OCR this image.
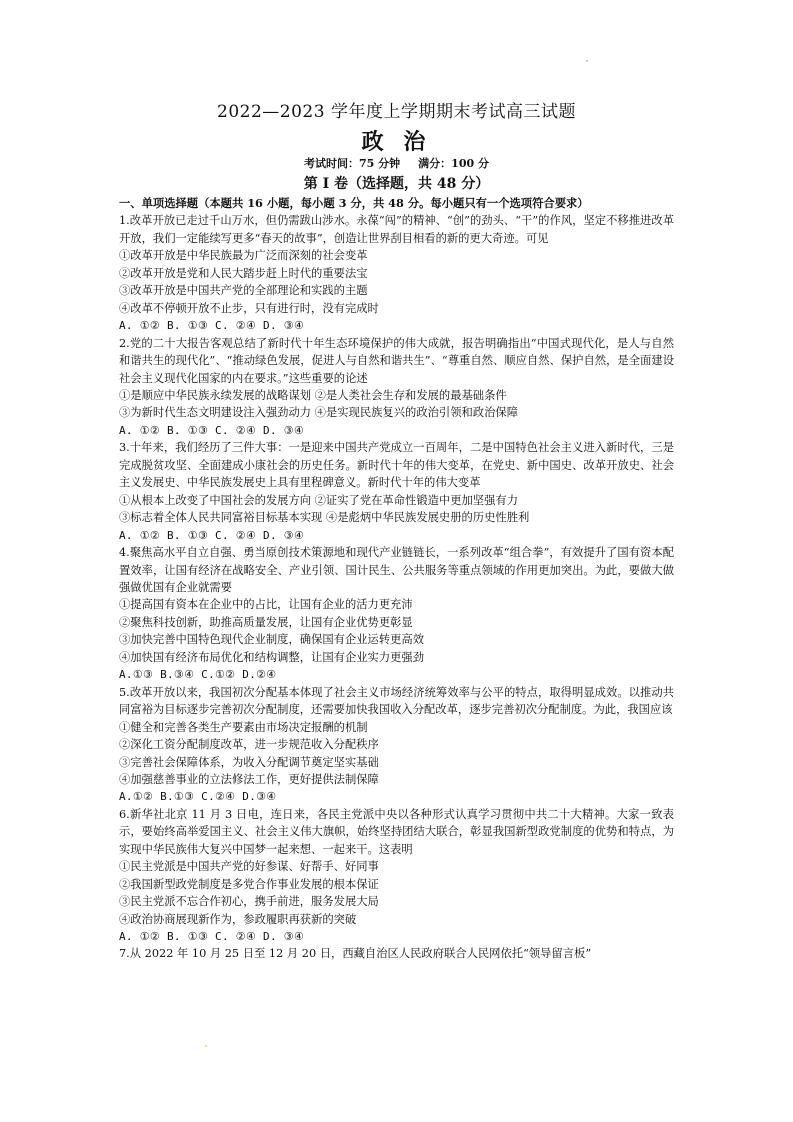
2022—2023 学年度上学期期末考试高三试题
政 治
考试时间：75 分钟 满分：100 分
第 Ⅰ 卷（选择题，共 48 分）
一、单项选择题（本题共 16 小题，每小题 3 分，共 48 分。每小题只有一个选项符合要求）
1.改革开放已走过千山万水，但仍需跋山涉水。永葆“闯”的精神、“创”的劲头、“干”的作风，坚定不移推进改革开放，我们一定能续写更多“春天的故事”，创造让世界刮目相看的新的更大奇迹。可见
①改革开放是中华民族最为广泛而深刻的社会变革
②改革开放是党和人民大踏步赶上时代的重要法宝
③改革开放是中国共产党的全部理论和实践的主题
④改革不停顿开放不止步，只有进行时，没有完成时
A. ①② B. ①③ C. ②④ D. ③④
2.党的二十大报告客观总结了新时代十年生态环境保护的伟大成就，报告明确指出“中国式现代化，是人与自然和谐共生的现代化”、“推动绿色发展，促进人与自然和谐共生”、“尊重自然、顺应自然、保护自然，是全面建设社会主义现代化国家的内在要求。”这些重要的论述
①是顺应中华民族永续发展的战略谋划 ②是人类社会生存和发展的最基础条件
③为新时代生态文明建设注入强劲动力 ④是实现民族复兴的政治引领和政治保障
A. ①② B. ①③ C. ②④ D. ③④
3.十年来，我们经历了三件大事：一是迎来中国共产党成立一百周年，二是中国特色社会主义进入新时代，三是完成脱贫攻坚、全面建成小康社会的历史任务。新时代十年的伟大变革，在党史、新中国史、改革开放史、社会主义发展史、中华民族发展史上具有里程碑意义。新时代十年的伟大变革
①从根本上改变了中国社会的发展方向 ②证实了党在革命性锻造中更加坚强有力
③标志着全体人民共同富裕目标基本实现 ④是彪炳中华民族发展史册的历史性胜利
A. ①② B. ①③ C. ②④ D. ③④
4.聚焦高水平自立自强、勇当原创技术策源地和现代产业链链长，一系列改革“组合拳”，有效提升了国有资本配置效率，让国有经济在战略安全、产业引领、国计民生、公共服务等重点领域的作用更加突出。为此，要做大做强做优国有企业就需要
①提高国有资本在企业中的占比，让国有企业的活力更充沛
②聚焦科技创新，助推高质量发展，让国有企业优势更彰显
③加快完善中国特色现代企业制度，确保国有企业运转更高效
④加快国有经济布局优化和结构调整，让国有企业实力更强劲
A.①③ B.③④ C.①② D.②④
5.改革开放以来，我国初次分配基本体现了社会主义市场经济统筹效率与公平的特点，取得明显成效。以推动共同富裕为目标逐步完善初次分配制度，还需要加快我国收入分配改革，逐步完善初次分配制度。为此，我国应该
①健全和完善各类生产要素由市场决定报酬的机制
②深化工资分配制度改革，进一步规范收入分配秩序
③完善社会保障体系，为收入分配调节奠定坚实基础
④加强慈善事业的立法修法工作，更好提供法制保障
A.①② B.①③ C.②④ D.③④
6.新华社北京 11 月 3 日电，连日来，各民主党派中央以各种形式认真学习贯彻中共二十大精神。大家一致表示，要始终高举爱国主义、社会主义伟大旗帜，始终坚持团结大联合，彰显我国新型政党制度的优势和特点，为实现中华民族伟大复兴中国梦一起来想、一起来干。这表明
①民主党派是中国共产党的好参谋、好帮手、好同事
②我国新型政党制度是多党合作事业发展的根本保证
③民主党派不忘合作初心，携手前进，服务发展大局
④政治协商展现新作为，参政履职再获新的突破
A. ①② B. ①③ C. ②④ D. ③④
7.从 2022 年 10 月 25 日至 12 月 20 日，西藏自治区人民政府联合人民网依托“领导留言板”
